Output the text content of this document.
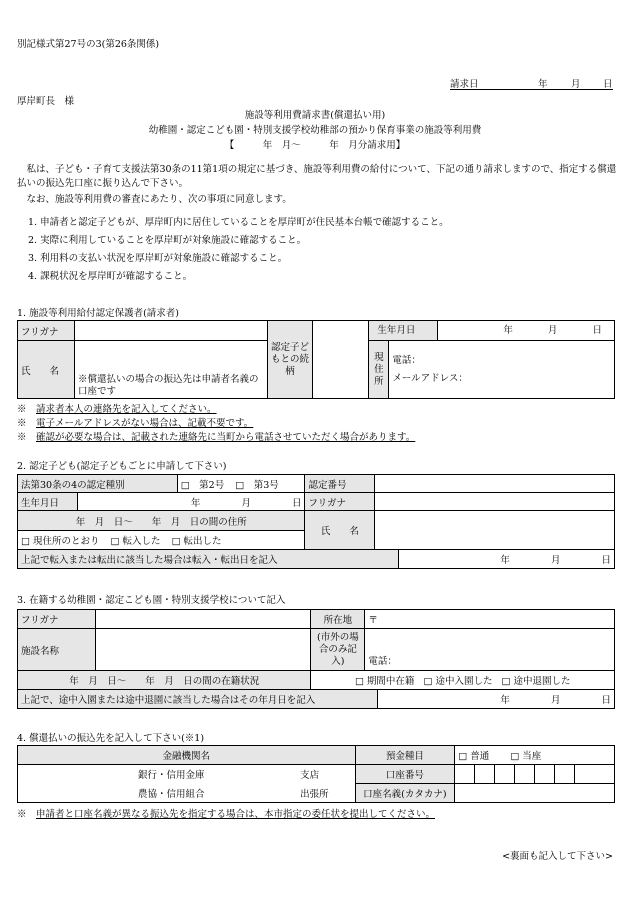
別記様式第27号の3(第26条関係)
請求日	年 月 日
厚岸町長　様
施設等利用費請求書(償還払い用)
幼稚園・認定こども園・特別支援学校幼稚部の預かり保育事業の施設等利用費
【　　　年　月～　　　年　月分請求用】
　私は、子ども・子育て支援法第30条の11第1項の規定に基づき、施設等利用費の給付について、下記の通り請求しますので、指定する償還払いの振込先口座に振り込んで下さい。
　なお、施設等利用費の審査にあたり、次の事項に同意します。
1. 申請者と認定子どもが、厚岸町内に居住していることを厚岸町が住民基本台帳で確認すること。
2. 実際に利用していることを厚岸町が対象施設に確認すること。
3. 利用料の支払い状況を厚岸町が対象施設に確認すること。
4. 課税状況を厚岸町が確認すること。
1. 施設等利用給付認定保護者(請求者)
フリガナ		認定子どもとの続柄		生年月日 年 月 日	
氏　　名	※償還払いの場合の振込先は申請者名義の口座です			現住所	電話：
メールアドレス：
※　請求者本人の連絡先を記入してください。
※　電子メールアドレスがない場合は、記載不要です。
※　確認が必要な場合は、記載された連絡先に当町から電話させていただく場合があります。
2. 認定子ども(認定子どもごとに申請して下さい)
法第30条の4の認定種別		□　第2号 □　第3号	認定番号		
生年月日	年 月 日		フリガナ		
年　月　日～　　年　月　日の間の住所			氏　　名		
□ 現住所のとおり □ 転入した □ 転出した					
上記で転入または転出に該当した場合は転入・転出日を記入					年 月 日
3. 在籍する幼稚園・認定こども園・特別支援学校について記入
フリガナ		所在地	〒	
施設名称		(市外の場合のみ記入)	電話：	
年　月　日～　　年　月　日の間の在籍状況		□ 期間中在籍 □ 途中入園した □ 途中退園した		
上記で、途中入園または途中退園に該当した場合はその年月日を記入				年 月 日
4. 償還払いの振込先を記入して下さい(※1)
金融機関名		預金種目	□ 普通 □ 当座						
銀行・信用金庫	支店	口座番号							
農協・信用組合	出張所	口座名義(カタカナ)							
※　申請者と口座名義が異なる振込先を指定する場合は、本市指定の委任状を提出してください。
<裏面も記入して下さい>
